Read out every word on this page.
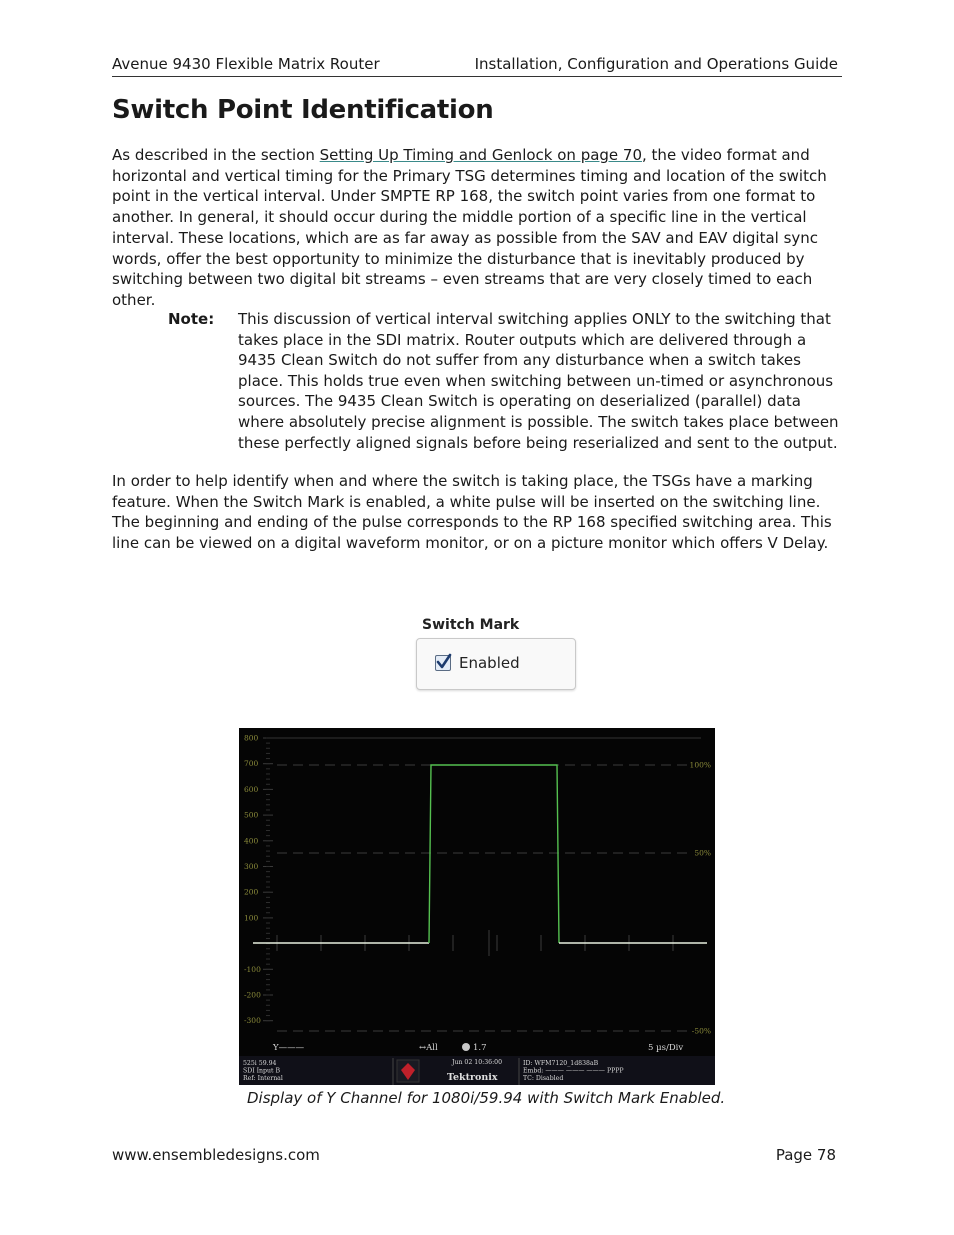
Avenue 9430 Flexible Matrix Router	Installation, Configuration and Operations Guide
Switch Point Identification

As described in the section Setting Up Timing and Genlock on page 70, the video format and horizontal and vertical timing for the Primary TSG determines timing and location of the switch point in the vertical interval. Under SMPTE RP 168, the switch point varies from one format to another. In general, it should occur during the middle portion of a specific line in the vertical interval. These locations, which are as far away as possible from the SAV and EAV digital sync words, offer the best opportunity to minimize the disturbance that is inevitably produced by switching between two digital bit streams – even streams that are very closely timed to each other.

Note: This discussion of vertical interval switching applies ONLY to the switching that takes place in the SDI matrix. Router outputs which are delivered through a 9435 Clean Switch do not suffer from any disturbance when a switch takes place. This holds true even when switching between un-timed or asynchronous sources. The 9435 Clean Switch is operating on deserialized (parallel) data where absolutely precise alignment is possible. The switch takes place between these perfectly aligned signals before being reserialized and sent to the output.

In order to help identify when and where the switch is taking place, the TSGs have a marking feature. When the Switch Mark is enabled, a white pulse will be inserted on the switching line. The beginning and ending of the pulse corresponds to the RP 168 specified switching area. This line can be viewed on a digital waveform monitor, or on a picture monitor which offers V Delay.

Switch Mark
Enabled
800
700
600
500
400
300
200
100
-100
-200
-300
100%
50%
-50%
525i 59.94
SDI Input B
Ref: Internal
Jun 02 10:36:00
Tektronix
ID: WFM7120_1d838aB
Embd: ——— ——— ——— PPPP
TC: Disabled
Y———	↔All	1.7	5 µs/Div
Display of Y Channel for 1080i/59.94 with Switch Mark Enabled.
www.ensembledesigns.com	Page 78
